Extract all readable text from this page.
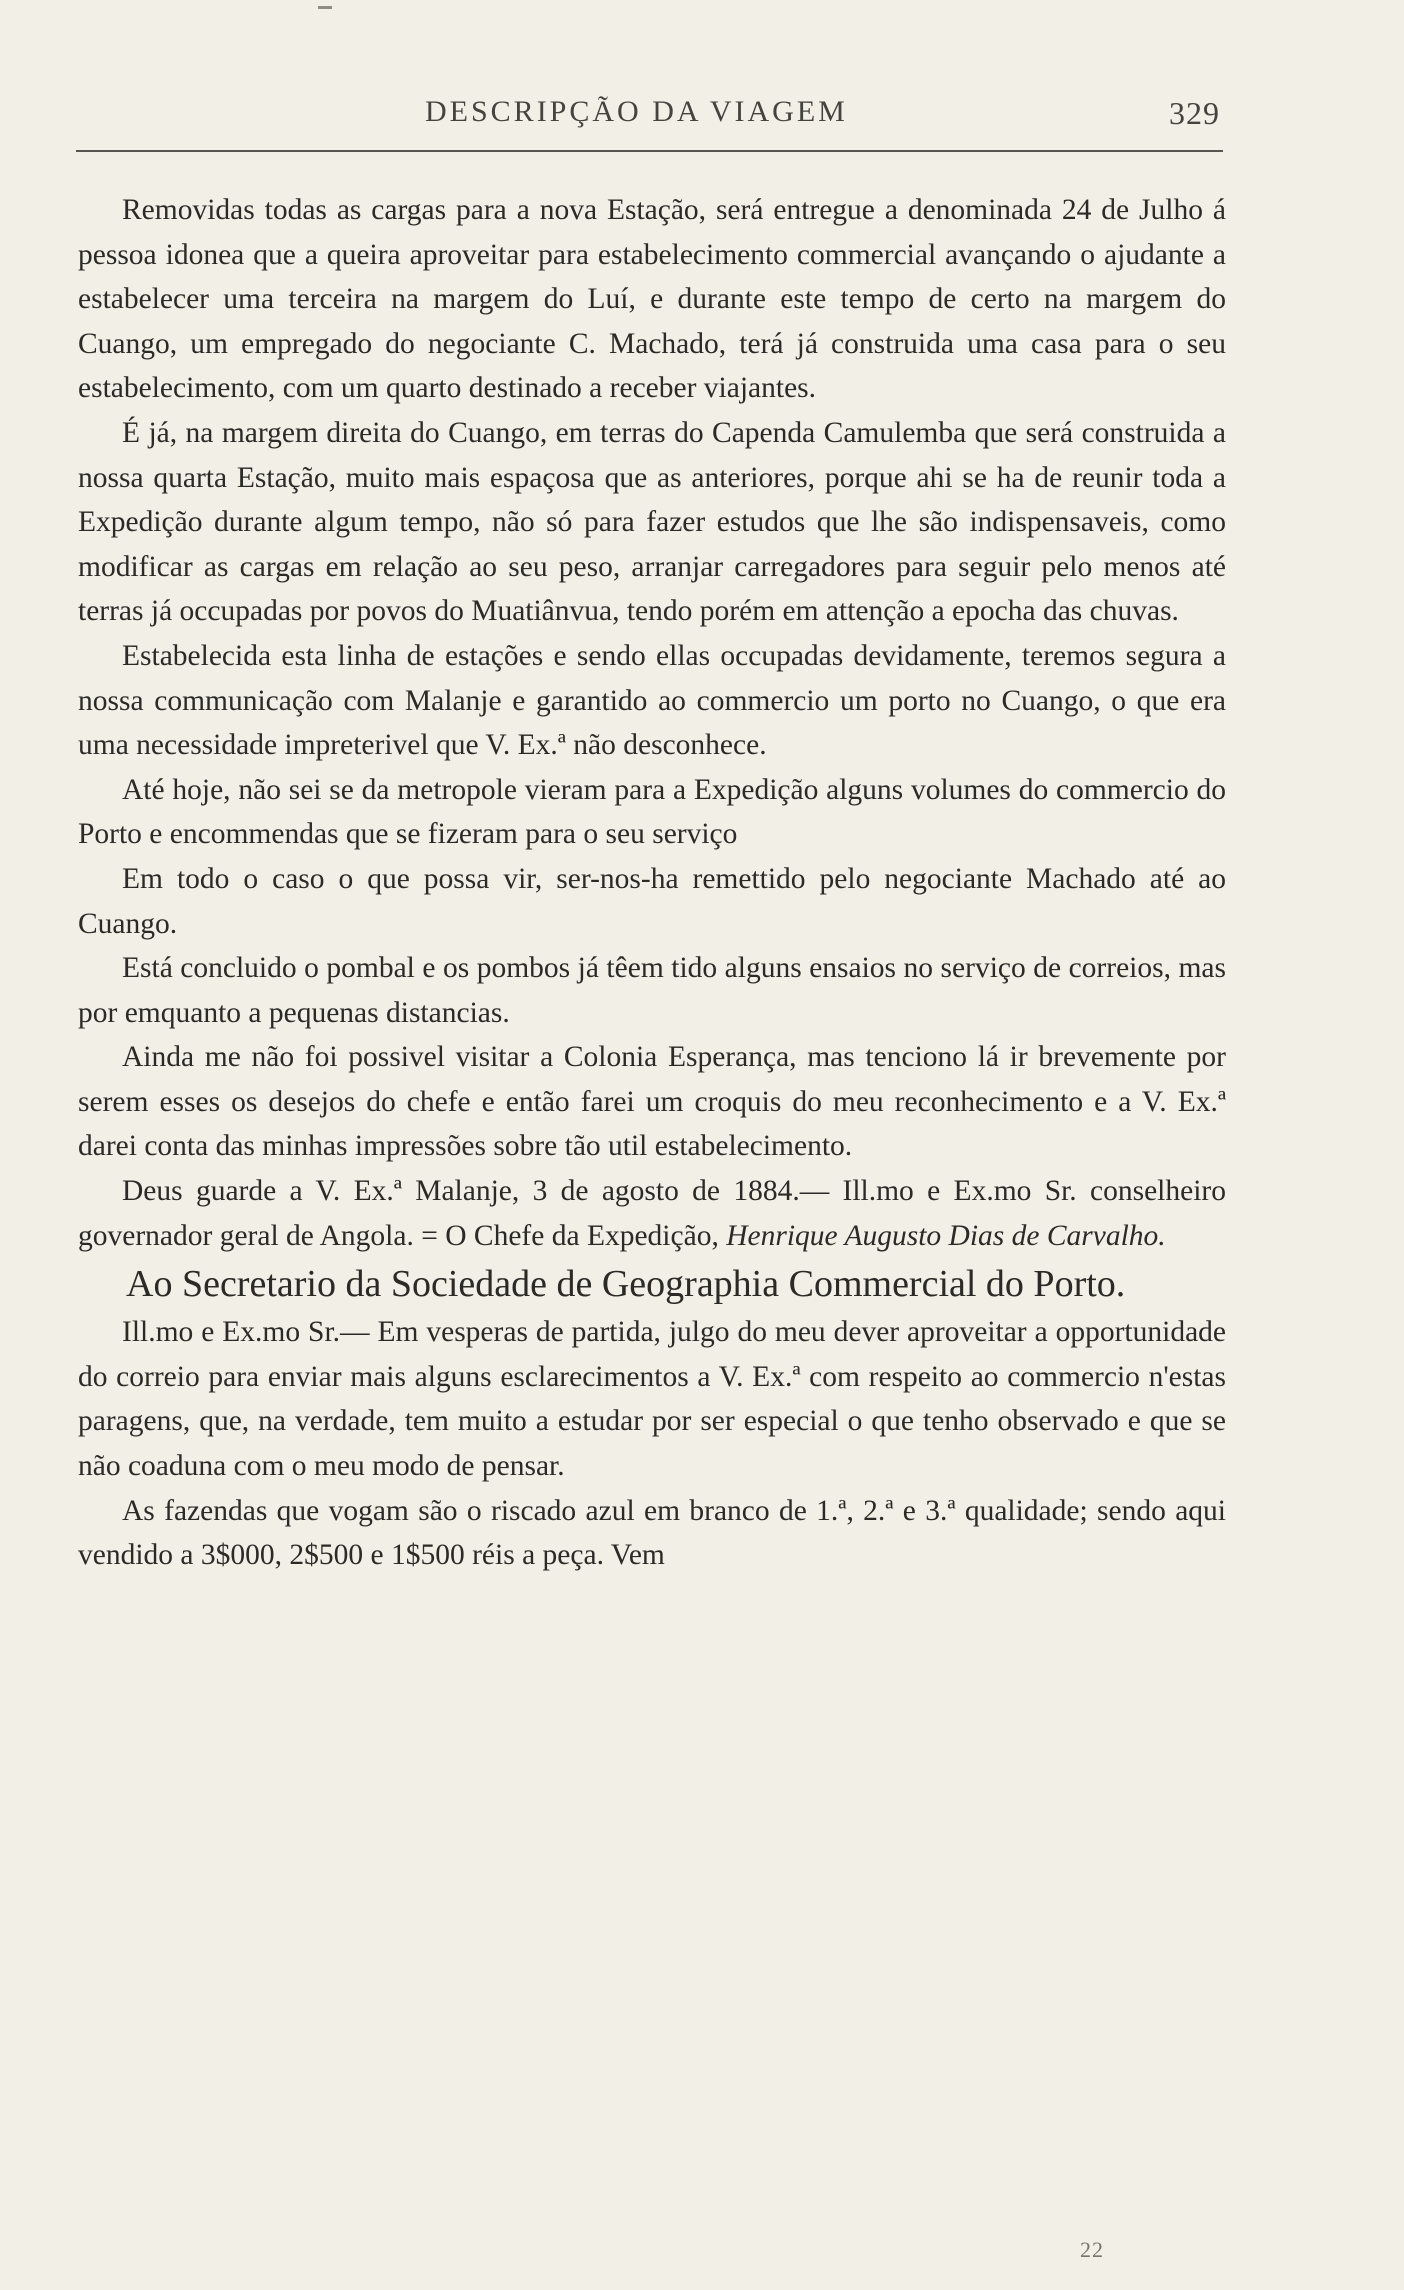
DESCRIPÇÃO DA VIAGEM	329

Removidas todas as cargas para a nova Estação, será entregue a denominada 24 de Julho á pessoa idonea que a queira aproveitar para estabelecimento commercial avançando o ajudante a estabelecer uma terceira na margem do Luí, e durante este tempo de certo na margem do Cuango, um empregado do negociante C. Machado, terá já construida uma casa para o seu estabelecimento, com um quarto destinado a receber viajantes.

É já, na margem direita do Cuango, em terras do Capenda Camulemba que será construida a nossa quarta Estação, muito mais espaçosa que as anteriores, porque ahi se ha de reunir toda a Expedição durante algum tempo, não só para fazer estudos que lhe são indispensaveis, como modificar as cargas em relação ao seu peso, arranjar carregadores para seguir pelo menos até terras já occupadas por povos do Muatiânvua, tendo porém em attenção a epocha das chuvas.

Estabelecida esta linha de estações e sendo ellas occupadas devidamente, teremos segura a nossa communicação com Malanje e garantido ao commercio um porto no Cuango, o que era uma necessidade impreterivel que V. Ex.ª não desconhece.

Até hoje, não sei se da metropole vieram para a Expedição alguns volumes do commercio do Porto e encommendas que se fizeram para o seu serviço

Em todo o caso o que possa vir, ser-nos-ha remettido pelo negociante Machado até ao Cuango.

Está concluido o pombal e os pombos já têem tido alguns ensaios no serviço de correios, mas por emquanto a pequenas distancias.

Ainda me não foi possivel visitar a Colonia Esperança, mas tenciono lá ir brevemente por serem esses os desejos do chefe e então farei um croquis do meu reconhecimento e a V. Ex.ª darei conta das minhas impressões sobre tão util estabelecimento.

Deus guarde a V. Ex.ª Malanje, 3 de agosto de 1884.— Ill.mo e Ex.mo Sr. conselheiro governador geral de Angola. = O Chefe da Expedição, Henrique Augusto Dias de Carvalho.

Ao Secretario da Sociedade de Geographia Commercial do Porto.

Ill.mo e Ex.mo Sr.— Em vesperas de partida, julgo do meu dever aproveitar a opportunidade do correio para enviar mais alguns esclarecimentos a V. Ex.ª com respeito ao commercio n'estas paragens, que, na verdade, tem muito a estudar por ser especial o que tenho observado e que se não coaduna com o meu modo de pensar.

As fazendas que vogam são o riscado azul em branco de 1.ª, 2.ª e 3.ª qualidade; sendo aqui vendido a 3$000, 2$500 e 1$500 réis a peça. Vem

22
